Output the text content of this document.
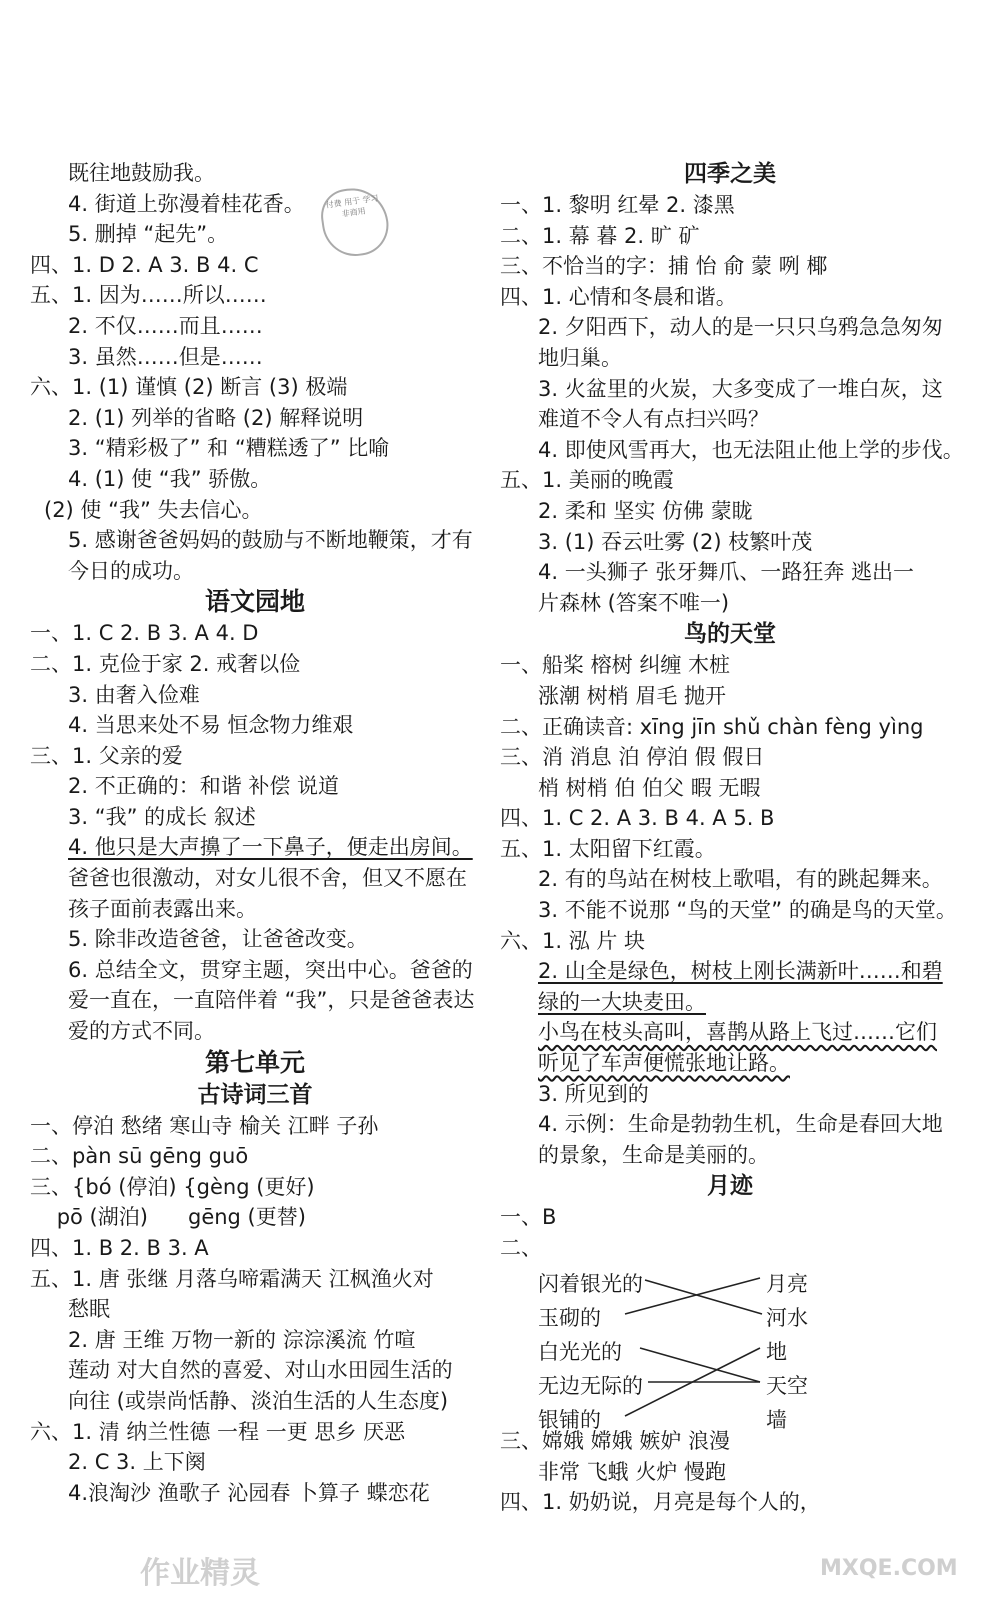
既往地鼓励我。
4. 街道上弥漫着桂花香。
5. 删掉 “起先”。
四、1. D 2. A 3. B 4. C
五、1. 因为……所以……
2. 不仅……而且……
3. 虽然……但是……
六、1. (1) 谨慎 (2) 断言 (3) 极端
2. (1) 列举的省略 (2) 解释说明
3. “精彩极了” 和 “糟糕透了” 比喻
4. (1) 使 “我” 骄傲。
(2) 使 “我” 失去信心。
5. 感谢爸爸妈妈的鼓励与不断地鞭策，才有
今日的成功。
语文园地
一、1. C 2. B 3. A 4. D
二、1. 克俭于家 2. 戒奢以俭
3. 由奢入俭难
4. 当思来处不易 恒念物力维艰
三、1. 父亲的爱
2. 不正确的：和谐 补偿 说道
3. “我” 的成长 叙述
4. 他只是大声擤了一下鼻子，便走出房间。
爸爸也很激动，对女儿很不舍，但又不愿在
孩子面前表露出来。
5. 除非改造爸爸，让爸爸改变。
6. 总结全文，贯穿主题，突出中心。爸爸的
爱一直在，一直陪伴着 “我”，只是爸爸表达
爱的方式不同。
第七单元
古诗词三首
一、停泊 愁绪 寒山寺 榆关 江畔 子孙
二、pàn sū gēng guō
三、{bó (停泊) {gèng (更好)
pō (湖泊)      gēng (更替)
四、1. B 2. B 3. A
五、1. 唐 张继 月落乌啼霜满天 江枫渔火对
愁眠
2. 唐 王维 万物一新的 淙淙溪流 竹喧
莲动 对大自然的喜爱、对山水田园生活的
向往 (或崇尚恬静、淡泊生活的人生态度)
六、1. 清 纳兰性德 一程 一更 思乡 厌恶
2. C 3. 上下阕
4.浪淘沙 渔歌子 沁园春 卜算子 蝶恋花
付费 用于 学习 非商用
四季之美
一、1. 黎明 红晕 2. 漆黑
二、1. 幕 暮 2. 旷 矿
三、不恰当的字：捕 怡 俞 蒙 咧 椰
四、1. 心情和冬晨和谐。
2. 夕阳西下，动人的是一只只乌鸦急急匆匆
地归巢。
3. 火盆里的火炭，大多变成了一堆白灰，这
难道不令人有点扫兴吗？
4. 即使风雪再大，也无法阻止他上学的步伐。
五、1. 美丽的晚霞
2. 柔和 坚实 仿佛 蒙眬
3. (1) 吞云吐雾 (2) 枝繁叶茂
4. 一头狮子 张牙舞爪、一路狂奔 逃出一
片森林 (答案不唯一)
鸟的天堂
一、船桨 榕树 纠缠 木桩
涨潮 树梢 眉毛 抛开
二、正确读音: xīng jīn shǔ chàn fèng yìng
三、消 消息 泊 停泊 假 假日
梢 树梢 伯 伯父 暇 无暇
四、1. C 2. A 3. B 4. A 5. B
五、1. 太阳留下红霞。
2. 有的鸟站在树枝上歌唱，有的跳起舞来。
3. 不能不说那 “鸟的天堂” 的确是鸟的天堂。
六、1. 泓 片 块
2. 山全是绿色，树枝上刚长满新叶……和碧
绿的一大块麦田。
小鸟在枝头高叫，喜鹊从路上飞过……它们
听见了车声便慌张地让路。
3. 所见到的
4. 示例：生命是勃勃生机，生命是春回大地
的景象，生命是美丽的。
月迹
一、B
二、
闪着银光的
玉砌的
白光光的
无边无际的
银铺的
月亮
河水
地
天空
墙
三、嫦娥 嫦娥 嫉妒 浪漫
非常 飞蛾 火炉 慢跑
四、1. 奶奶说，月亮是每个人的，
作业精灵	MXQE.COM
